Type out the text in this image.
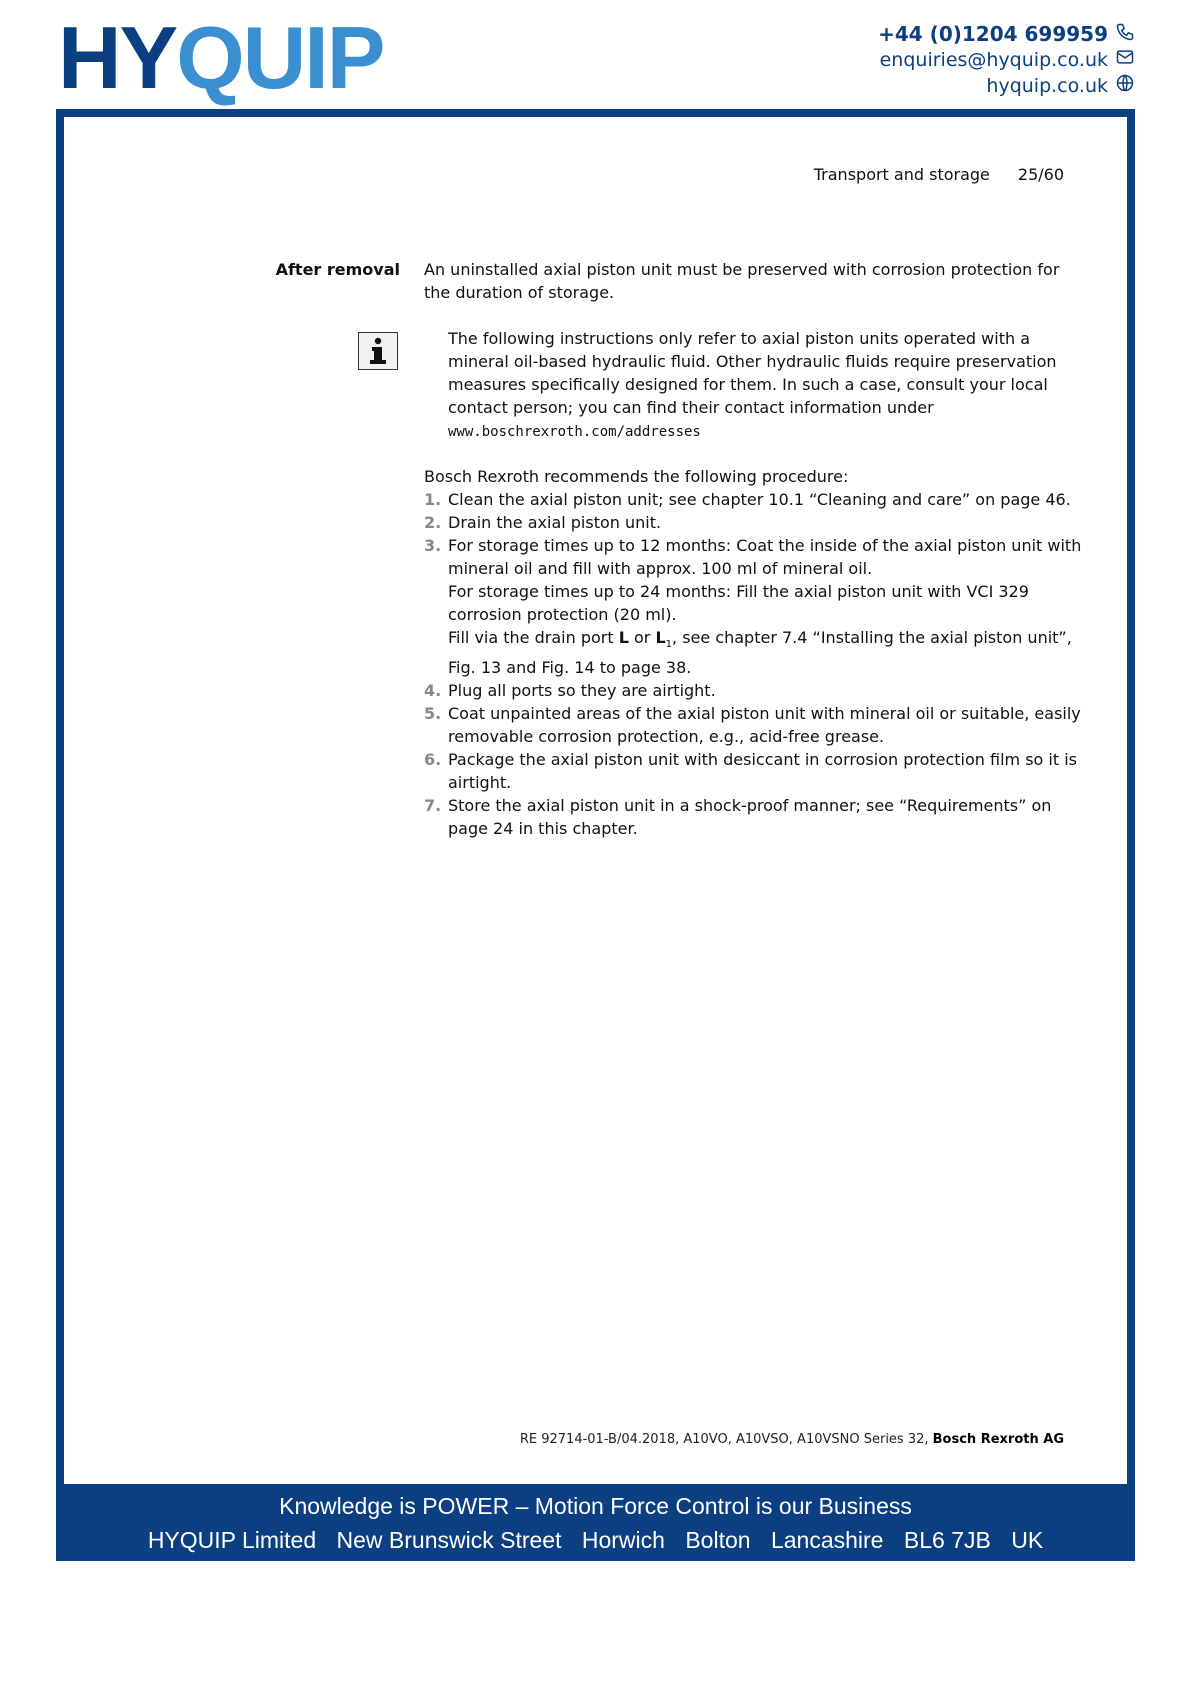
HYQUIP	+44 (0)1204 699959
enquiries@hyquip.co.uk
hyquip.co.uk
Transport and storage 25/60
After removal An uninstalled axial piston unit must be preserved with corrosion protection for the duration of storage.
The following instructions only refer to axial piston units operated with a mineral oil-based hydraulic fluid. Other hydraulic fluids require preservation measures specifically designed for them. In such a case, consult your local contact person; you can find their contact information under
www.boschrexroth.com/addresses
Bosch Rexroth recommends the following procedure:
1. Clean the axial piston unit; see chapter 10.1 “Cleaning and care” on page 46.
2. Drain the axial piston unit.
3. For storage times up to 12 months: Coat the inside of the axial piston unit with mineral oil and fill with approx. 100 ml of mineral oil.
For storage times up to 24 months: Fill the axial piston unit with VCI 329 corrosion protection (20 ml).
Fill via the drain port L or $L_1$, see chapter 7.4 “Installing the axial piston unit”, Fig. 13 and Fig. 14 to page 38.
4. Plug all ports so they are airtight.
5. Coat unpainted areas of the axial piston unit with mineral oil or suitable, easily removable corrosion protection, e.g., acid-free grease.
6. Package the axial piston unit with desiccant in corrosion protection film so it is airtight.
7. Store the axial piston unit in a shock-proof manner; see “Requirements” on page 24 in this chapter.
RE 92714-01-B/04.2018, A10VO, A10VSO, A10VSNO Series 32, Bosch Rexroth AG
Knowledge is POWER – Motion Force Control is our Business
HYQUIP Limited New Brunswick Street Horwich Bolton Lancashire BL6 7JB UK
